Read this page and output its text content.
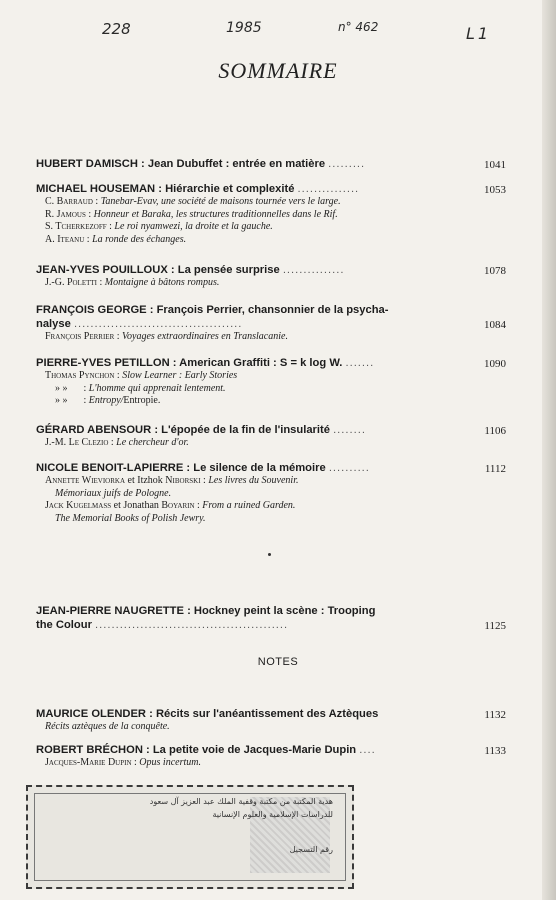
228	1985	n° 462	L1
SOMMAIRE
HUBERT DAMISCH : Jean Dubuffet : entrée en matière .........	1041
MICHAEL HOUSEMAN : Hiérarchie et complexité ...............	1053
C. Barraud : Tanebar-Evav, une société de maisons tournée vers le large.
R. Jamous : Honneur et Baraka, les structures traditionnelles dans le Rif.
S. Tcherkezoff : Le roi nyamwezi, la droite et la gauche.
A. Iteanu : La ronde des échanges.
JEAN-YVES POUILLOUX : La pensée surprise ...............	1078
J.-G. Poletti : Montaigne à bâtons rompus.
FRANÇOIS GEORGE : François Perrier, chansonnier de la psycha-
nalyse .........................................	1084
François Perrier : Voyages extraordinaires en Translacanie.
PIERRE-YVES PETILLON : American Graffiti : S = k log W. .......	1090
Thomas Pynchon : Slow Learner : Early Stories
» » : L'homme qui apprenait lentement.
» » : Entropy/Entropie.
GÉRARD ABENSOUR : L'épopée de la fin de l'insularité ........	1106
J.-M. Le Clezio : Le chercheur d'or.
NICOLE BENOIT-LAPIERRE : Le silence de la mémoire ..........	1112
Annette Wieviorka et Itzhok Niborski : Les livres du Souvenir.
Mémoriaux juifs de Pologne.
Jack Kugelmass et Jonathan Boyarin : From a ruined Garden.
The Memorial Books of Polish Jewry.
JEAN-PIERRE NAUGRETTE : Hockney peint la scène : Trooping
the Colour ...............................................	1125
NOTES
MAURICE OLENDER : Récits sur l'anéantissement des Aztèques	1132
Récits aztèques de la conquête.
ROBERT BRÉCHON : La petite voie de Jacques-Marie Dupin ....	1133
Jacques-Marie Dupin : Opus incertum.
هدية المكتبة من مكتبة وقفية الملك عبد العزيز آل سعود
للدراسات الإسلامية والعلوم الإنسانية
رقم التسجيل
